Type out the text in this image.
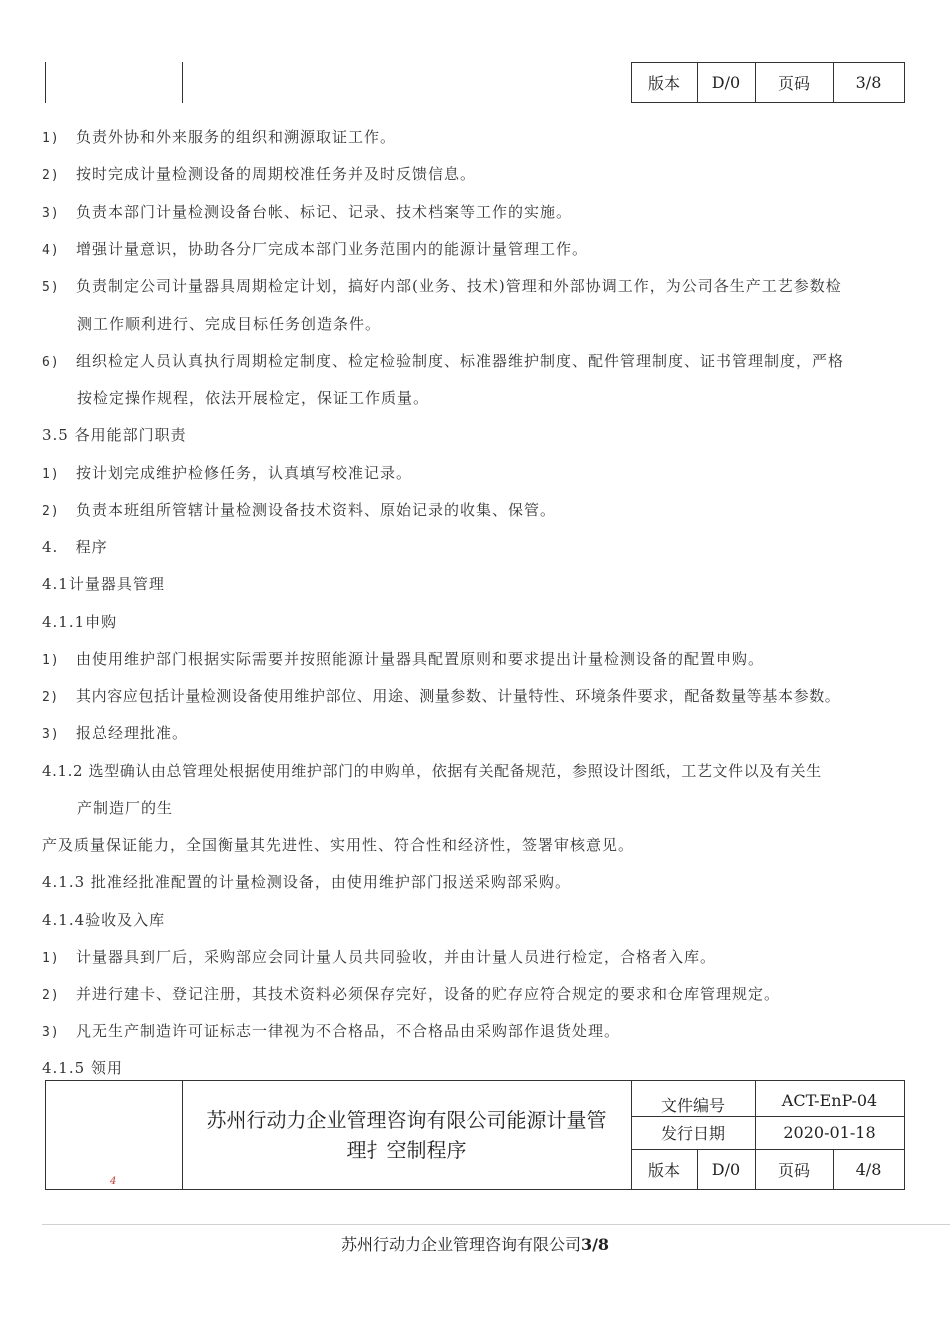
版本	D/0	页码	3/8
1) 负责外协和外来服务的组织和溯源取证工作。
2) 按时完成计量检测设备的周期校准任务并及时反馈信息。
3) 负责本部门计量检测设备台帐、标记、记录、技术档案等工作的实施。
4) 增强计量意识，协助各分厂完成本部门业务范围内的能源计量管理工作。
5) 负责制定公司计量器具周期检定计划，搞好内部(业务、技术)管理和外部协调工作，为公司各生产工艺参数检
测工作顺利进行、完成目标任务创造条件。
6) 组织检定人员认真执行周期检定制度、检定检验制度、标准器维护制度、配件管理制度、证书管理制度，严格
按检定操作规程，依法开展检定，保证工作质量。
3.5 各用能部门职责
1) 按计划完成维护检修任务，认真填写校准记录。
2) 负责本班组所管辖计量检测设备技术资料、原始记录的收集、保管。
4.   程序
4.1计量器具管理
4.1.1申购
1) 由使用维护部门根据实际需要并按照能源计量器具配置原则和要求提出计量检测设备的配置申购。
2) 其内容应包括计量检测设备使用维护部位、用途、测量参数、计量特性、环境条件要求，配备数量等基本参数。
3) 报总经理批准。
4.1.2 选型确认由总管理处根据使用维护部门的申购单，依据有关配备规范，参照设计图纸，工艺文件以及有关生
产制造厂的生
产及质量保证能力，全国衡量其先进性、实用性、符合性和经济性，签署审核意见。
4.1.3 批准经批准配置的计量检测设备，由使用维护部门报送采购部采购。
4.1.4验收及入库
1) 计量器具到厂后，采购部应会同计量人员共同验收，并由计量人员进行检定，合格者入库。
2) 并进行建卡、登记注册，其技术资料必须保存完好，设备的贮存应符合规定的要求和仓库管理规定。
3) 凡无生产制造许可证标志一律视为不合格品，不合格品由采购部作退货处理。
4.1.5 领用
4
苏州行动力企业管理咨询有限公司能源计量管
理扌空制程序
文件编号	ACT-EnP-04
发行日期	2020-01-18
版本	D/0	页码	4/8
苏州行动力企业管理咨询有限公司3/8
